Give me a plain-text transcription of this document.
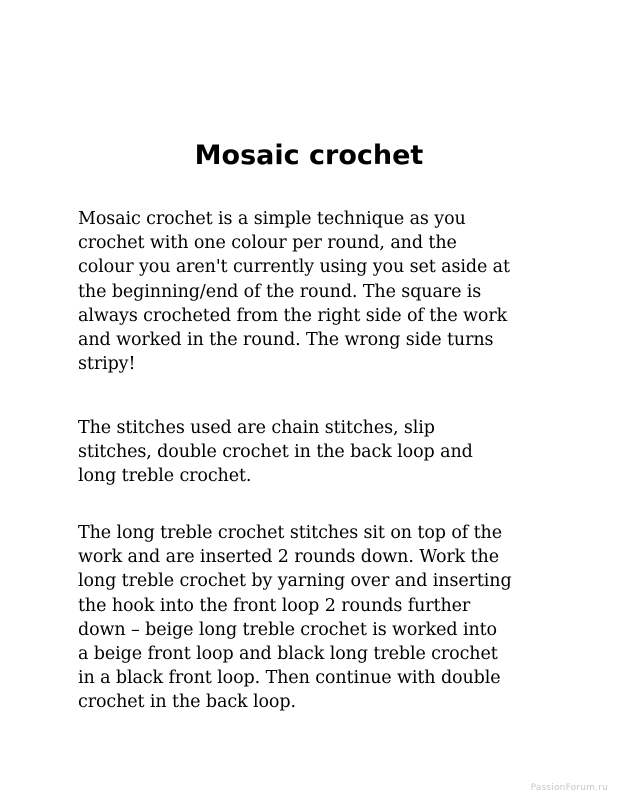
Mosaic crochet

Mosaic crochet is a simple technique as you
crochet with one colour per round, and the
colour you aren't currently using you set aside at
the beginning/end of the round. The square is
always crocheted from the right side of the work
and worked in the round. The wrong side turns
stripy!

The stitches used are chain stitches, slip
stitches, double crochet in the back loop and
long treble crochet.

The long treble crochet stitches sit on top of the
work and are inserted 2 rounds down. Work the
long treble crochet by yarning over and inserting
the hook into the front loop 2 rounds further
down – beige long treble crochet is worked into
a beige front loop and black long treble crochet
in a black front loop. Then continue with double
crochet in the back loop.

PassionForum.ru
